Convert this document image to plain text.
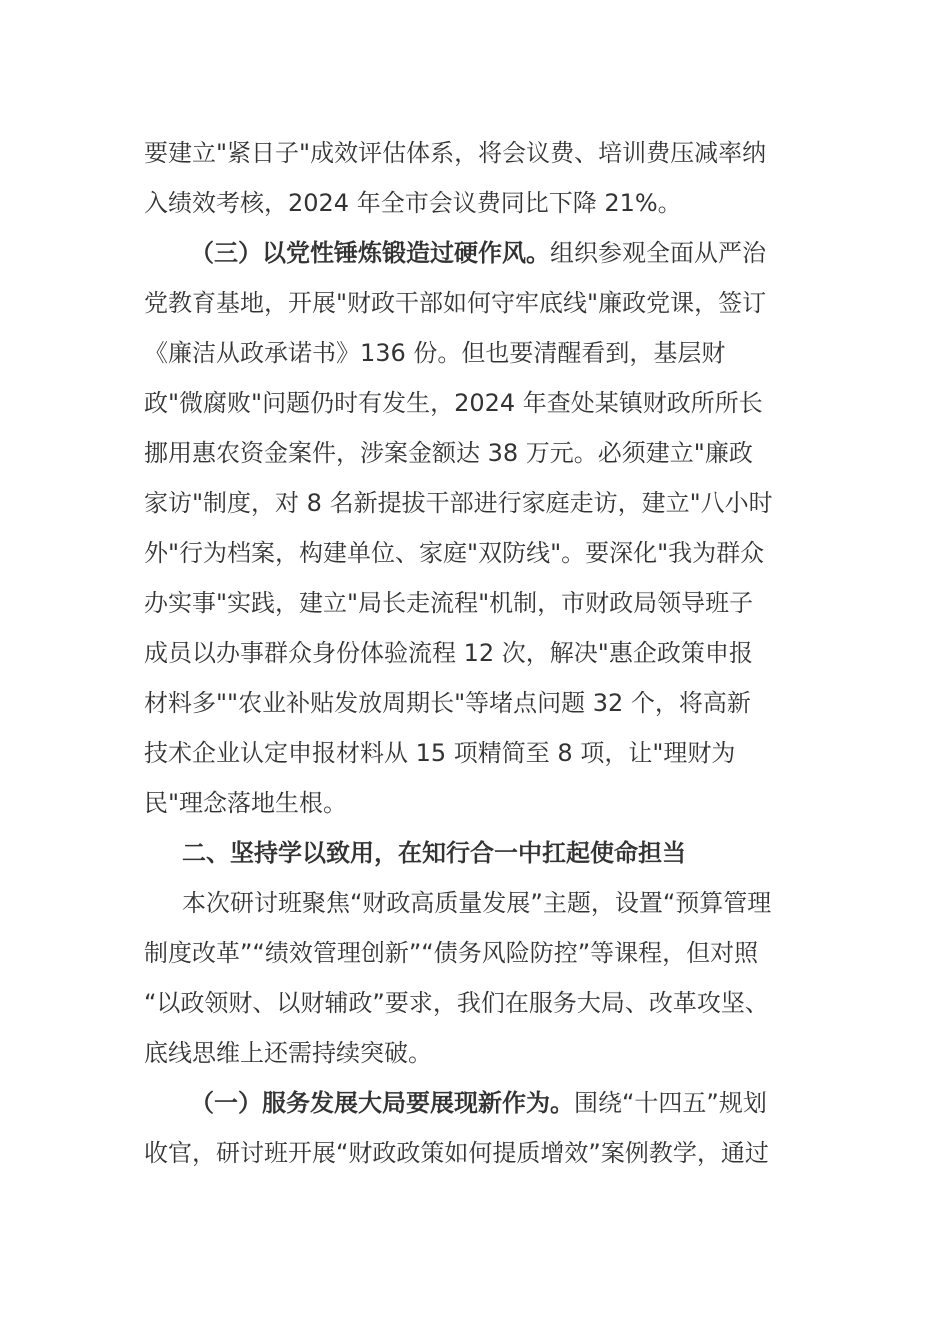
要建立"紧日子"成效评估体系，将会议费、培训费压减率纳
入绩效考核，2024 年全市会议费同比下降 21%。
（三）以党性锤炼锻造过硬作风。组织参观全面从严治
党教育基地，开展"财政干部如何守牢底线"廉政党课，签订
《廉洁从政承诺书》136 份。但也要清醒看到，基层财
政"微腐败"问题仍时有发生，2024 年查处某镇财政所所长
挪用惠农资金案件，涉案金额达 38 万元。必须建立"廉政
家访"制度，对 8 名新提拔干部进行家庭走访，建立"八小时
外"行为档案，构建单位、家庭"双防线"。要深化"我为群众
办实事"实践，建立"局长走流程"机制，市财政局领导班子
成员以办事群众身份体验流程 12 次，解决"惠企政策申报
材料多""农业补贴发放周期长"等堵点问题 32 个，将高新
技术企业认定申报材料从 15 项精简至 8 项，让"理财为
民"理念落地生根。
二、坚持学以致用，在知行合一中扛起使命担当
本次研讨班聚焦“财政高质量发展”主题，设置“预算管理
制度改革”“绩效管理创新”“债务风险防控”等课程，但对照
“以政领财、以财辅政”要求，我们在服务大局、改革攻坚、
底线思维上还需持续突破。
（一）服务发展大局要展现新作为。围绕“十四五”规划
收官，研讨班开展“财政政策如何提质增效”案例教学，通过
